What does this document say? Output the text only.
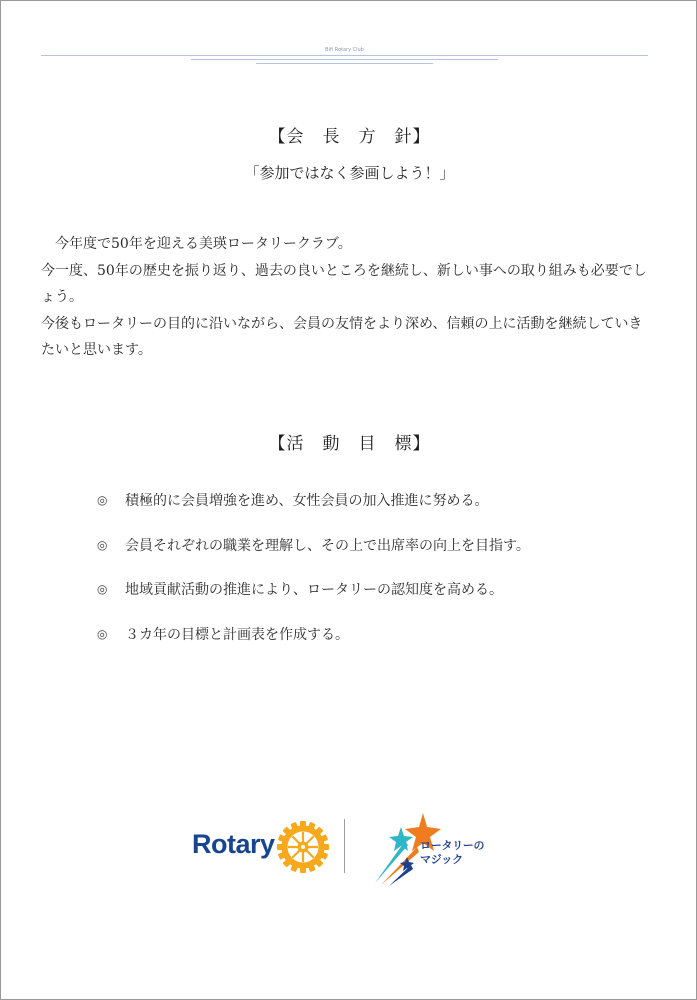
Bifi Rotary Club
【会　長　方　針】
「参加ではなく参画しよう！」

今年度で50年を迎える美瑛ロータリークラブ。

今一度、50年の歴史を振り返り、過去の良いところを継続し、新しい事への取り組みも必要でしょう。

今後もロータリーの目的に沿いながら、会員の友情をより深め、信頼の上に活動を継続していきたいと思います。

【活　動　目　標】
◎	積極的に会員増強を進め、女性会員の加入推進に努める。
◎	会員それぞれの職業を理解し、その上で出席率の向上を目指す。
◎	地域貢献活動の推進により、ロータリーの認知度を高める。
◎	３カ年の目標と計画表を作成する。
Rotary	ロータリーの
マジック
